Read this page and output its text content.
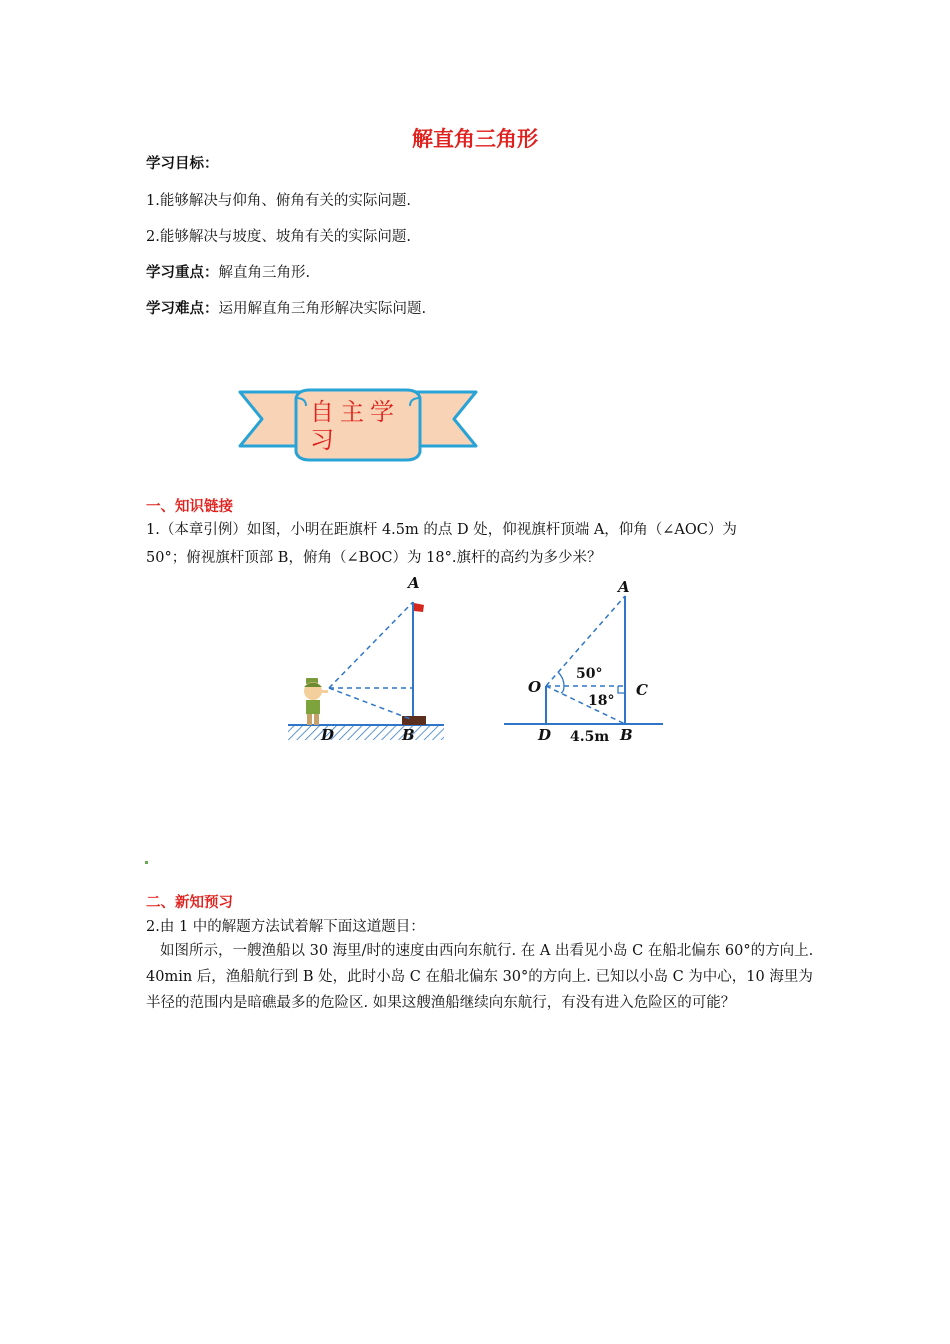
解直角三角形
学习目标：
1.能够解决与仰角、俯角有关的实际问题.
2.能够解决与坡度、坡角有关的实际问题.
学习重点：解直角三角形.
学习难点：运用解直角三角形解决实际问题.
自主学习
一、知识链接
1.（本章引例）如图，小明在距旗杆 4.5m 的点 D 处，仰视旗杆顶端 A，仰角（∠AOC）为
50°；俯视旗杆顶部 B，俯角（∠BOC）为 18°.旗杆的高约为多少米？
A
D	B
A
O	C
50°
18°
D 4.5m B
二、新知预习
2.由 1 中的解题方法试着解下面这道题目：
如图所示，一艘渔船以 30 海里/时的速度由西向东航行. 在 A 出看见小岛 C 在船北偏东 60°的方向上. 40min 后，渔船航行到 B 处，此时小岛 C 在船北偏东 30°的方向上. 已知以小岛 C 为中心，10 海里为半径的范围内是暗礁最多的危险区. 如果这艘渔船继续向东航行，有没有进入危险区的可能？
